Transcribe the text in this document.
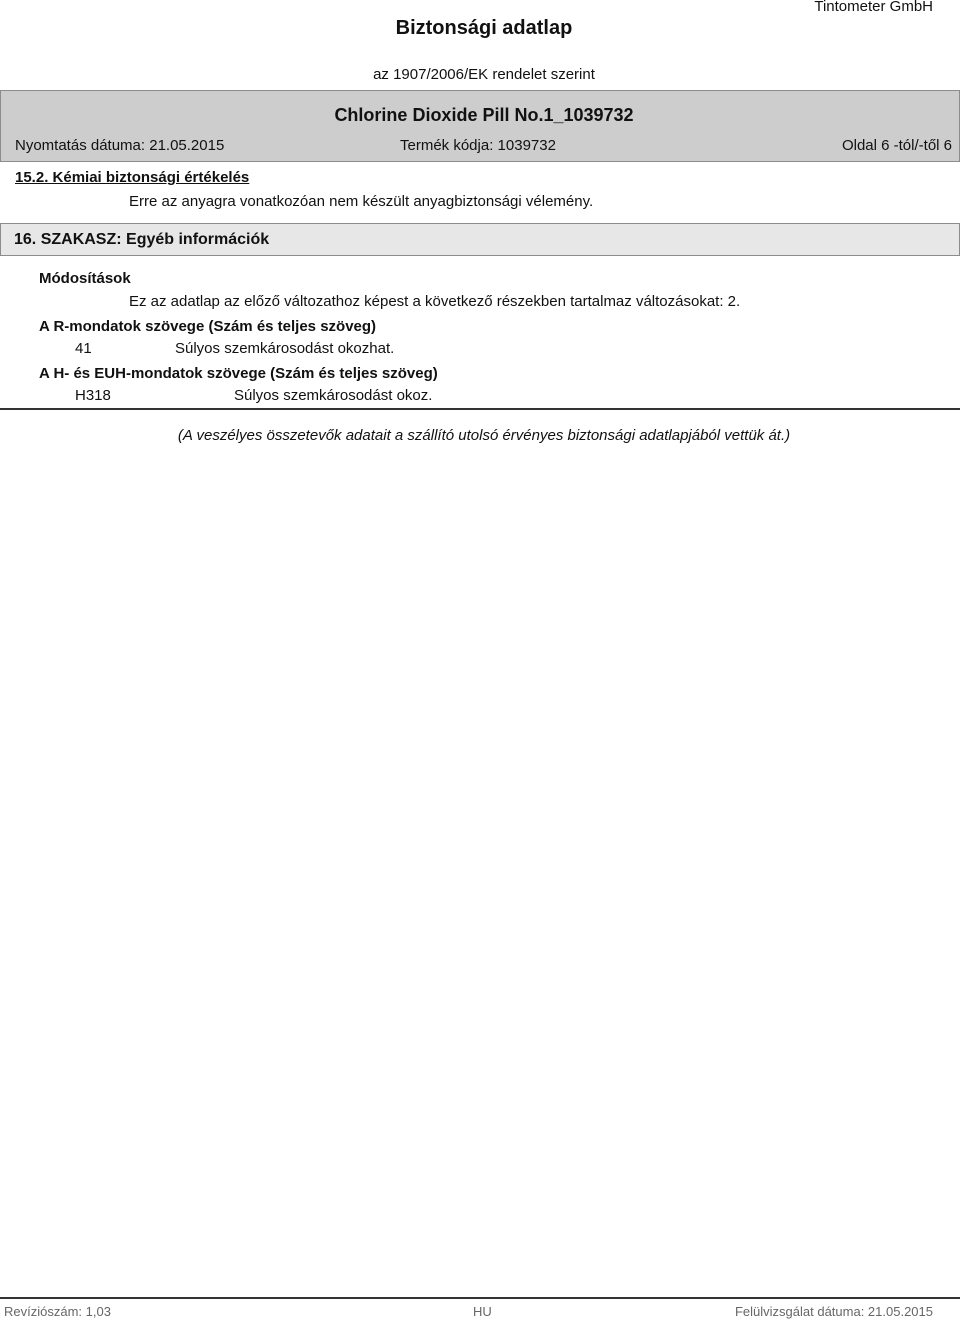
Tintometer GmbH
Biztonsági adatlap
az 1907/2006/EK rendelet szerint
Chlorine Dioxide Pill No.1_1039732
Nyomtatás dátuma: 21.05.2015	Termék kódja: 1039732	Oldal 6 -tól/-től 6
15.2. Kémiai biztonsági értékelés
Erre az anyagra vonatkozóan nem készült anyagbiztonsági vélemény.
16. SZAKASZ: Egyéb információk
Módosítások
Ez az adatlap az előző változathoz képest a következő részekben tartalmaz változásokat: 2.
A R-mondatok szövege (Szám és teljes szöveg)
41	Súlyos szemkárosodást okozhat.
A H- és EUH-mondatok szövege (Szám és teljes szöveg)
H318	Súlyos szemkárosodást okoz.
(A veszélyes összetevők adatait a szállító utolsó érvényes biztonsági adatlapjából vettük át.)
Revíziószám: 1,03	HU	Felülvizsgálat dátuma: 21.05.2015
